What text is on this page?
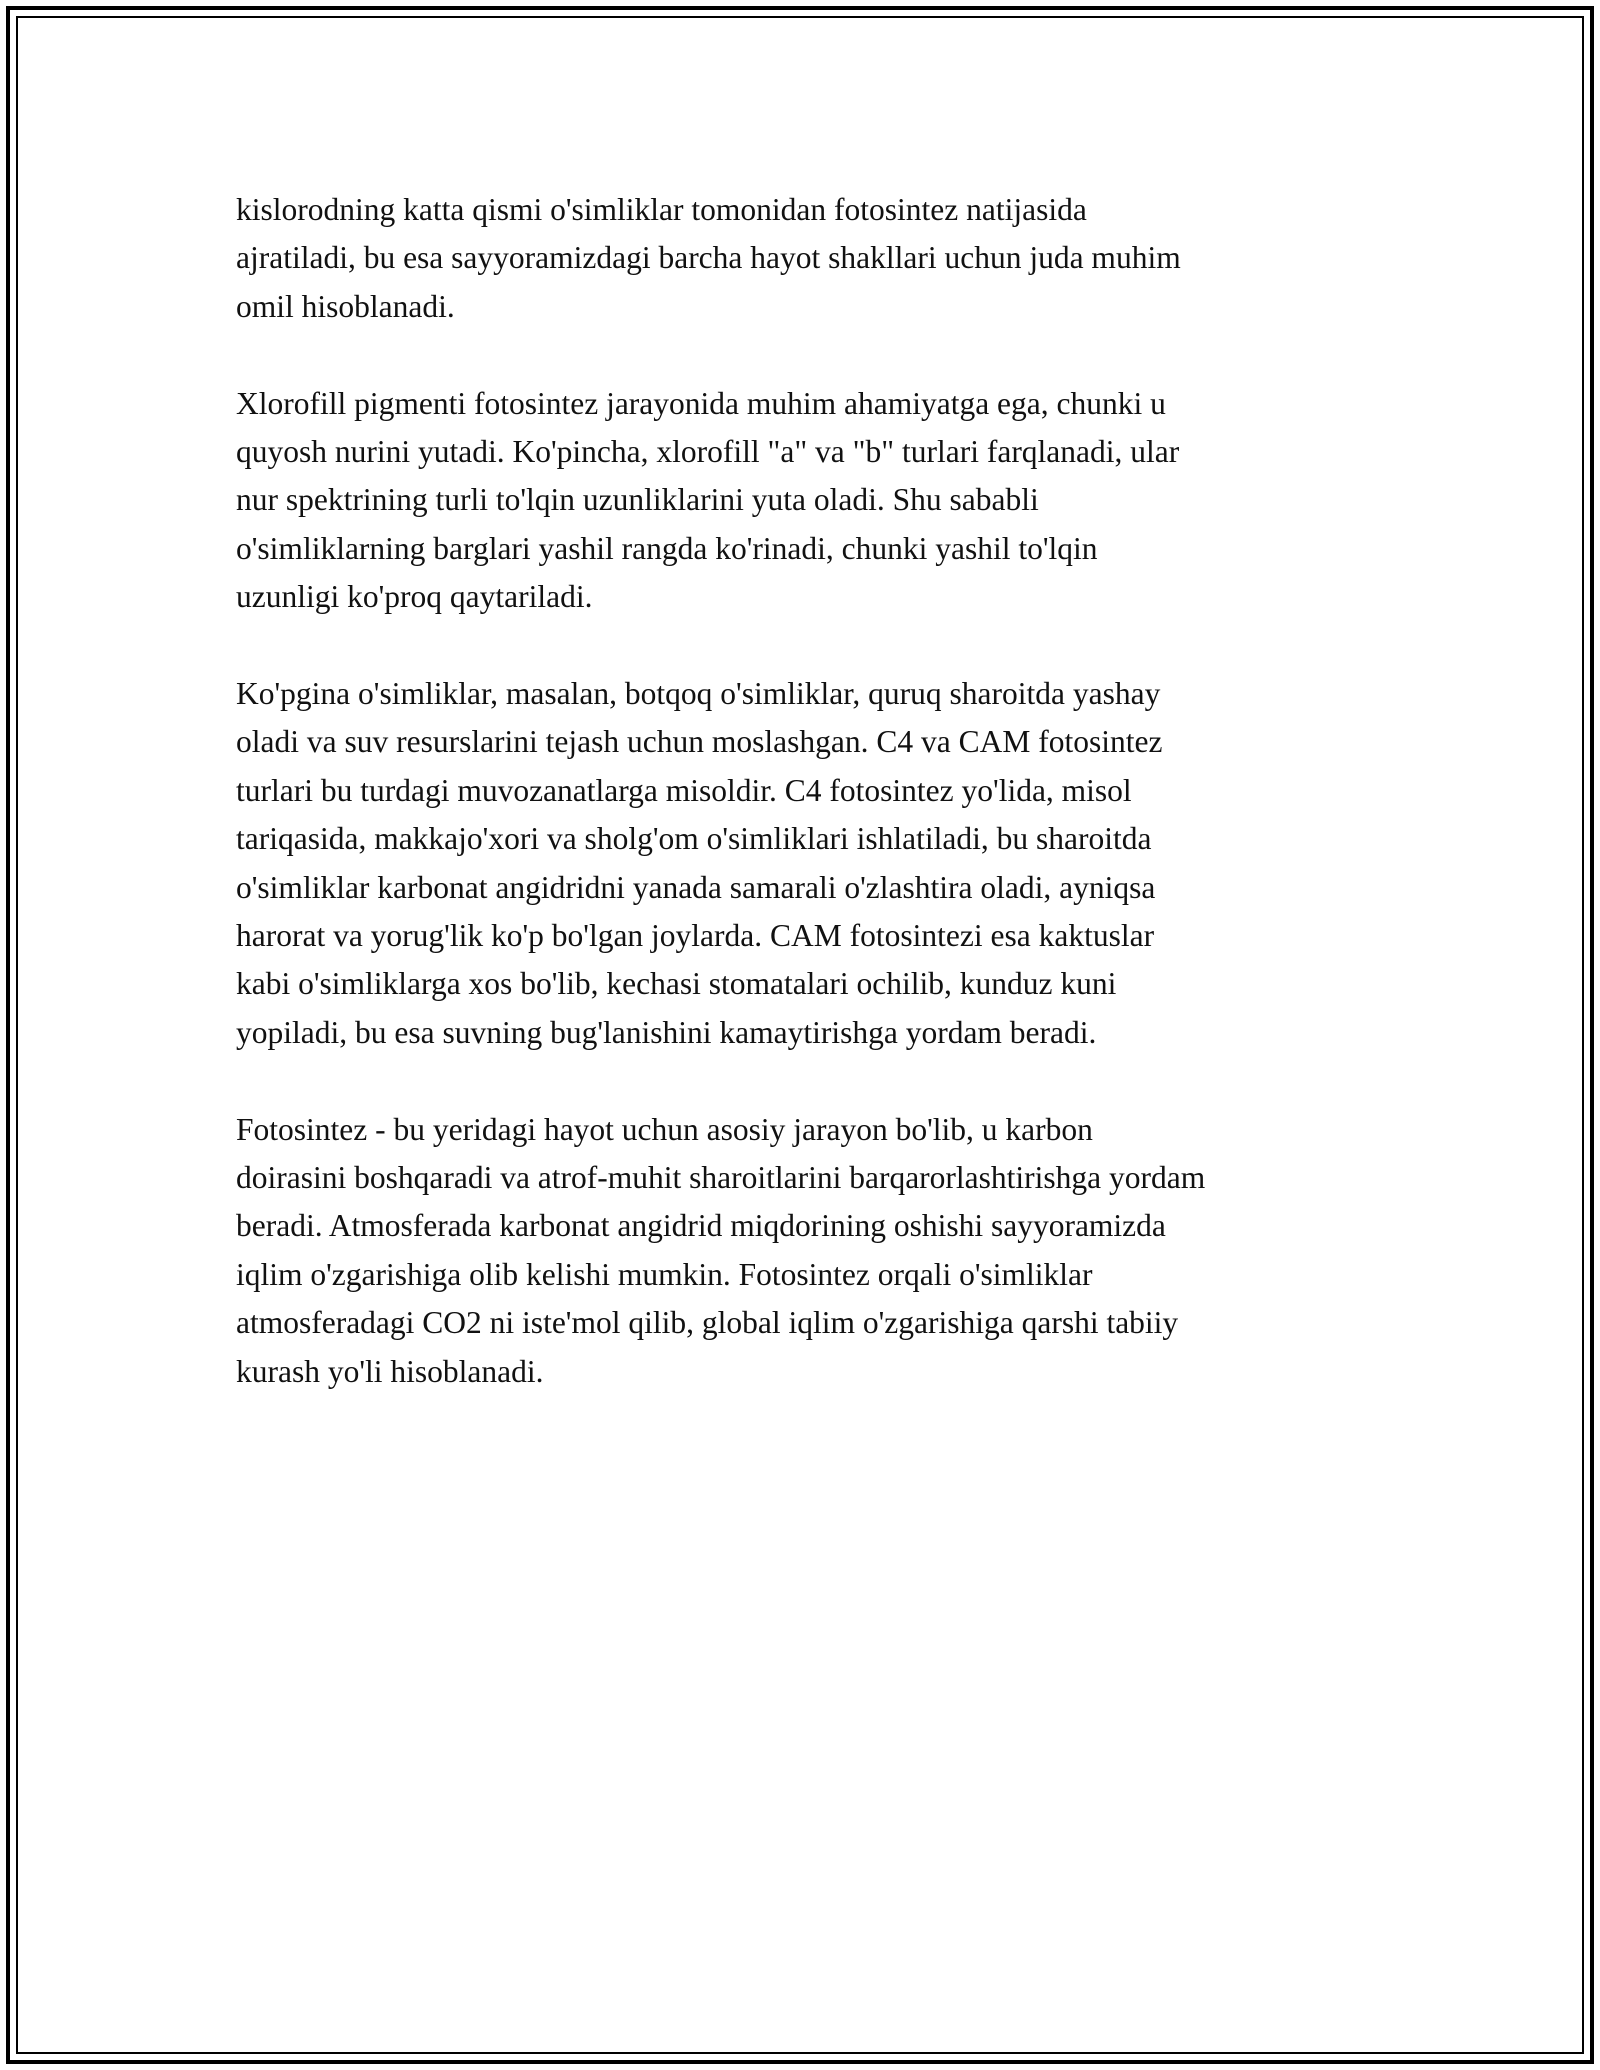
kislorodning katta qismi o'simliklar tomonidan fotosintez natijasida
ajratiladi, bu esa sayyoramizdagi barcha hayot shakllari uchun juda muhim
omil hisoblanadi.

Xlorofill pigmenti fotosintez jarayonida muhim ahamiyatga ega, chunki u
quyosh nurini yutadi. Ko'pincha, xlorofill "a" va "b" turlari farqlanadi, ular
nur spektrining turli to'lqin uzunliklarini yuta oladi. Shu sababli
o'simliklarning barglari yashil rangda ko'rinadi, chunki yashil to'lqin
uzunligi ko'proq qaytariladi.

Ko'pgina o'simliklar, masalan, botqoq o'simliklar, quruq sharoitda yashay
oladi va suv resurslarini tejash uchun moslashgan. C4 va CAM fotosintez
turlari bu turdagi muvozanatlarga misoldir. C4 fotosintez yo'lida, misol
tariqasida, makkajo'xori va sholg'om o'simliklari ishlatiladi, bu sharoitda
o'simliklar karbonat angidridni yanada samarali o'zlashtira oladi, ayniqsa
harorat va yorug'lik ko'p bo'lgan joylarda. CAM fotosintezi esa kaktuslar
kabi o'simliklarga xos bo'lib, kechasi stomatalari ochilib, kunduz kuni
yopiladi, bu esa suvning bug'lanishini kamaytirishga yordam beradi.

Fotosintez - bu yeridagi hayot uchun asosiy jarayon bo'lib, u karbon
doirasini boshqaradi va atrof-muhit sharoitlarini barqarorlashtirishga yordam
beradi. Atmosferada karbonat angidrid miqdorining oshishi sayyoramizda
iqlim o'zgarishiga olib kelishi mumkin. Fotosintez orqali o'simliklar
atmosferadagi CO2 ni iste'mol qilib, global iqlim o'zgarishiga qarshi tabiiy
kurash yo'li hisoblanadi.
